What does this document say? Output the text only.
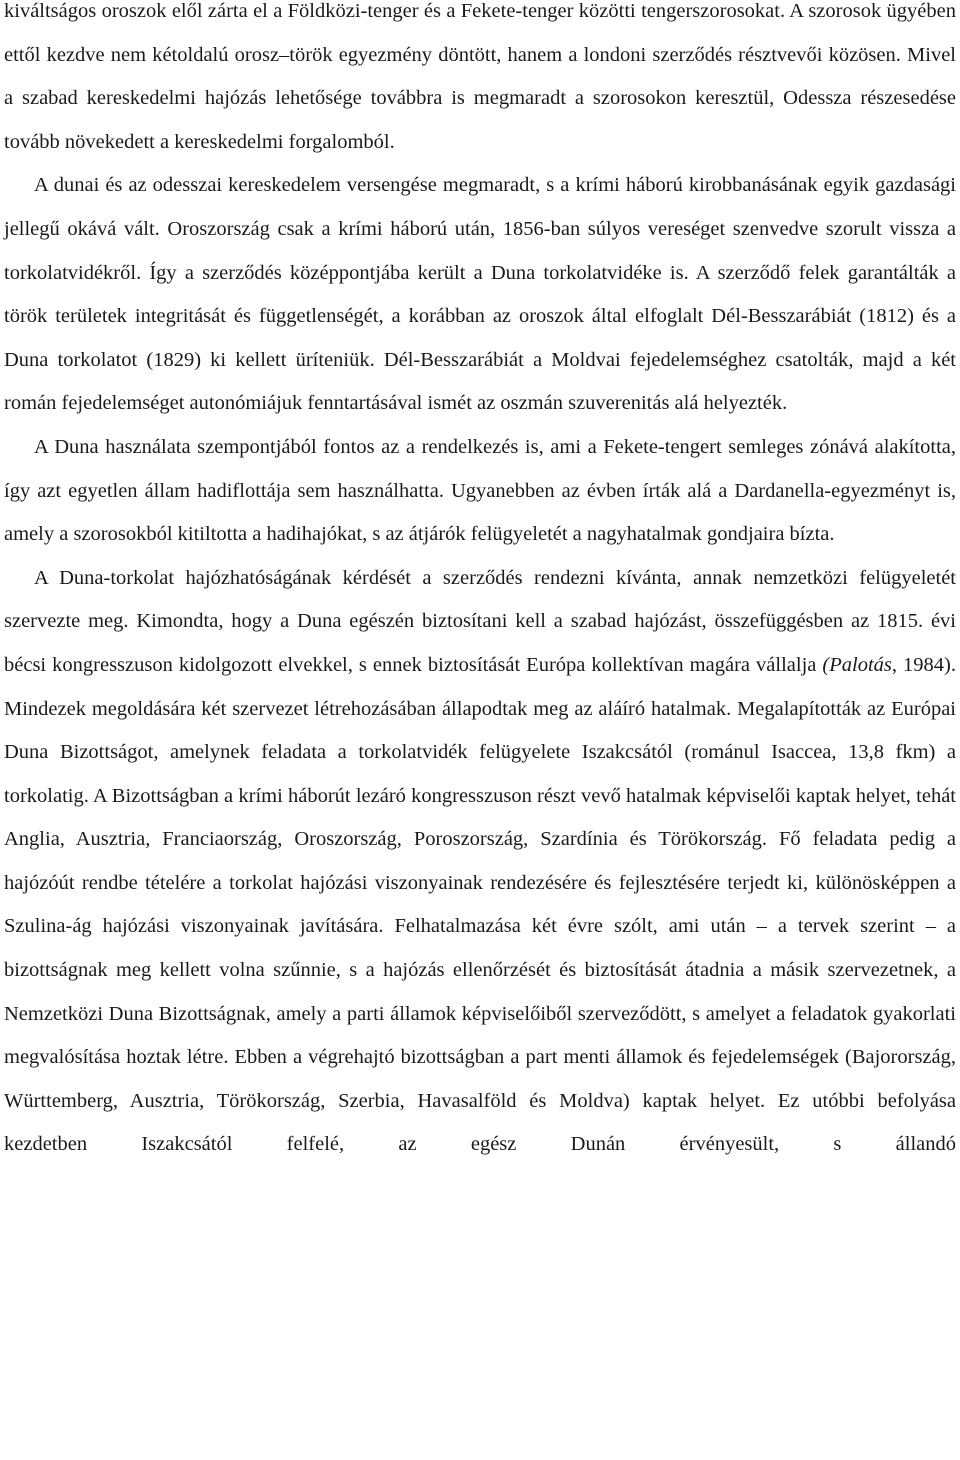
kiváltságos oroszok elől zárta el a Földközi-tenger és a Fekete-tenger közötti tengerszorosokat. A szorosok ügyében ettől kezdve nem kétoldalú orosz–török egyezmény döntött, hanem a londoni szerződés résztvevői közösen. Mivel a szabad kereskedelmi hajózás lehetősége továbbra is megmaradt a szorosokon keresztül, Odessza részesedése tovább növekedett a kereskedelmi forgalomból.

A dunai és az odesszai kereskedelem versengése megmaradt, s a krími háború kirobbanásának egyik gazdasági jellegű okává vált. Oroszország csak a krími háború után, 1856-ban súlyos vereséget szenvedve szorult vissza a torkolatvidékről. Így a szerződés középpontjába került a Duna torkolatvidéke is. A szerződő felek garantálták a török területek integritását és függetlenségét, a korábban az oroszok által elfoglalt Dél-Besszarábiát (1812) és a Duna torkolatot (1829) ki kellett üríteniük. Dél-Besszarábiát a Moldvai fejedelemséghez csatolták, majd a két román fejedelemséget autonómiájuk fenntartásával ismét az oszmán szuverenitás alá helyezték.

A Duna használata szempontjából fontos az a rendelkezés is, ami a Fekete-tengert semleges zónává alakította, így azt egyetlen állam hadiflottája sem használhatta. Ugyanebben az évben írták alá a Dardanella-egyezményt is, amely a szorosokból kitiltotta a hadihajókat, s az átjárók felügyeletét a nagyhatalmak gondjaira bízta.

A Duna-torkolat hajózhatóságának kérdését a szerződés rendezni kívánta, annak nemzetközi felügyeletét szervezte meg. Kimondta, hogy a Duna egészén biztosítani kell a szabad hajózást, összefüggésben az 1815. évi bécsi kongresszuson kidolgozott elvekkel, s ennek biztosítását Európa kollektívan magára vállalja (Palotás, 1984). Mindezek megoldására két szervezet létrehozásában állapodtak meg az aláíró hatalmak. Megalapították az Európai Duna Bizottságot, amelynek feladata a torkolatvidék felügyelete Iszakcsától (románul Isaccea, 13,8 fkm) a torkolatig. A Bizottságban a krími háborút lezáró kongresszuson részt vevő hatalmak képviselői kaptak helyet, tehát Anglia, Ausztria, Franciaország, Oroszország, Poroszország, Szardínia és Törökország. Fő feladata pedig a hajózóút rendbe tételére a torkolat hajózási viszonyainak rendezésére és fejlesztésére terjedt ki, különösképpen a Szulina-ág hajózási viszonyainak javítására. Felhatalmazása két évre szólt, ami után – a tervek szerint – a bizottságnak meg kellett volna szűnnie, s a hajózás ellenőrzését és biztosítását átadnia a másik szervezetnek, a Nemzetközi Duna Bizottságnak, amely a parti államok képviselőiből szerveződött, s amelyet a feladatok gyakorlati megvalósítása hoztak létre. Ebben a végrehajtó bizottságban a part menti államok és fejedelemségek (Bajorország, Württemberg, Ausztria, Törökország, Szerbia, Havasalföld és Moldva) kaptak helyet. Ez utóbbi befolyása kezdetben Iszakcsától felfelé, az egész Dunán érvényesült, s állandó
